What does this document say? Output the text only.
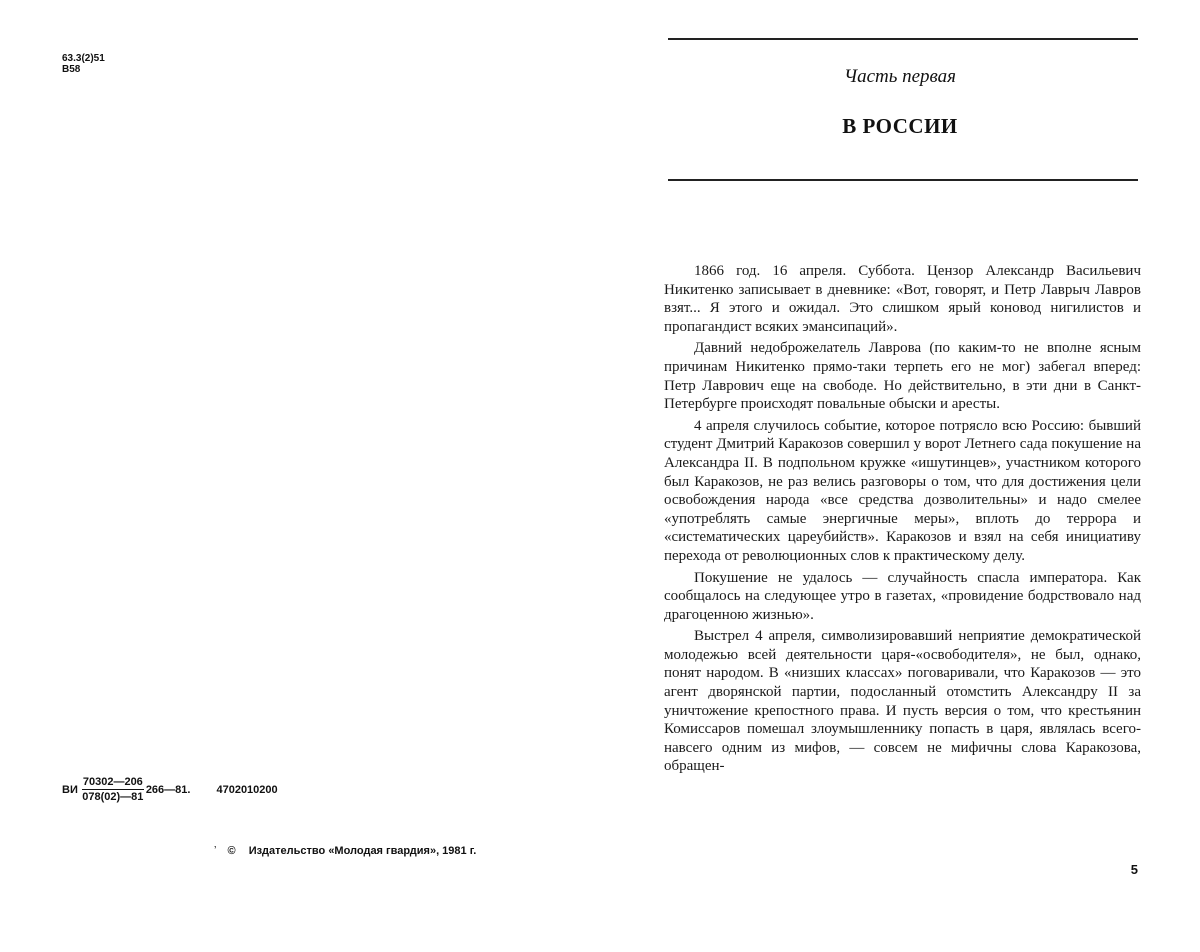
63.3(2)51
В58
ВИ
70302—206
078(02)—81
266—81. 4702010200
ʼ © Издательство «Молодая гвардия», 1981 г.
Часть первая
В РОССИИ

1866 год. 16 апреля. Суббота. Цензор Александр Васильевич Никитенко записывает в дневнике: «Вот, говорят, и Петр Лаврыч Лавров взят... Я этого и ожидал. Это слишком ярый коновод нигилистов и пропагандист всяких эмансипаций».

Давний недоброжелатель Лаврова (по каким-то не вполне ясным причинам Никитенко прямо-таки терпеть его не мог) забегал вперед: Петр Лаврович еще на свободе. Но действительно, в эти дни в Санкт-Петербурге происходят повальные обыски и аресты.

4 апреля случилось событие, которое потрясло всю Россию: бывший студент Дмитрий Каракозов совершил у ворот Летнего сада покушение на Александра II. В подпольном кружке «ишутинцев», участником которого был Каракозов, не раз велись разговоры о том, что для достижения цели освобождения народа «все средства дозволительны» и надо смелее «употреблять самые энергичные меры», вплоть до террора и «систематических цареубийств». Каракозов и взял на себя инициативу перехода от революционных слов к практическому делу.

Покушение не удалось — случайность спасла императора. Как сообщалось на следующее утро в газетах, «провидение бодрствовало над драгоценною жизнью».

Выстрел 4 апреля, символизировавший неприятие демократической молодежью всей деятельности царя-«освободителя», не был, однако, понят народом. В «низших классах» поговаривали, что Каракозов — это агент дворянской партии, подосланный отомстить Александру II за уничтожение крепостного права. И пусть версия о том, что крестьянин Комиссаров помешал злоумышленнику попасть в царя, являлась всего-навсего одним из мифов, — совсем не мифичны слова Каракозова, обращен-

5
